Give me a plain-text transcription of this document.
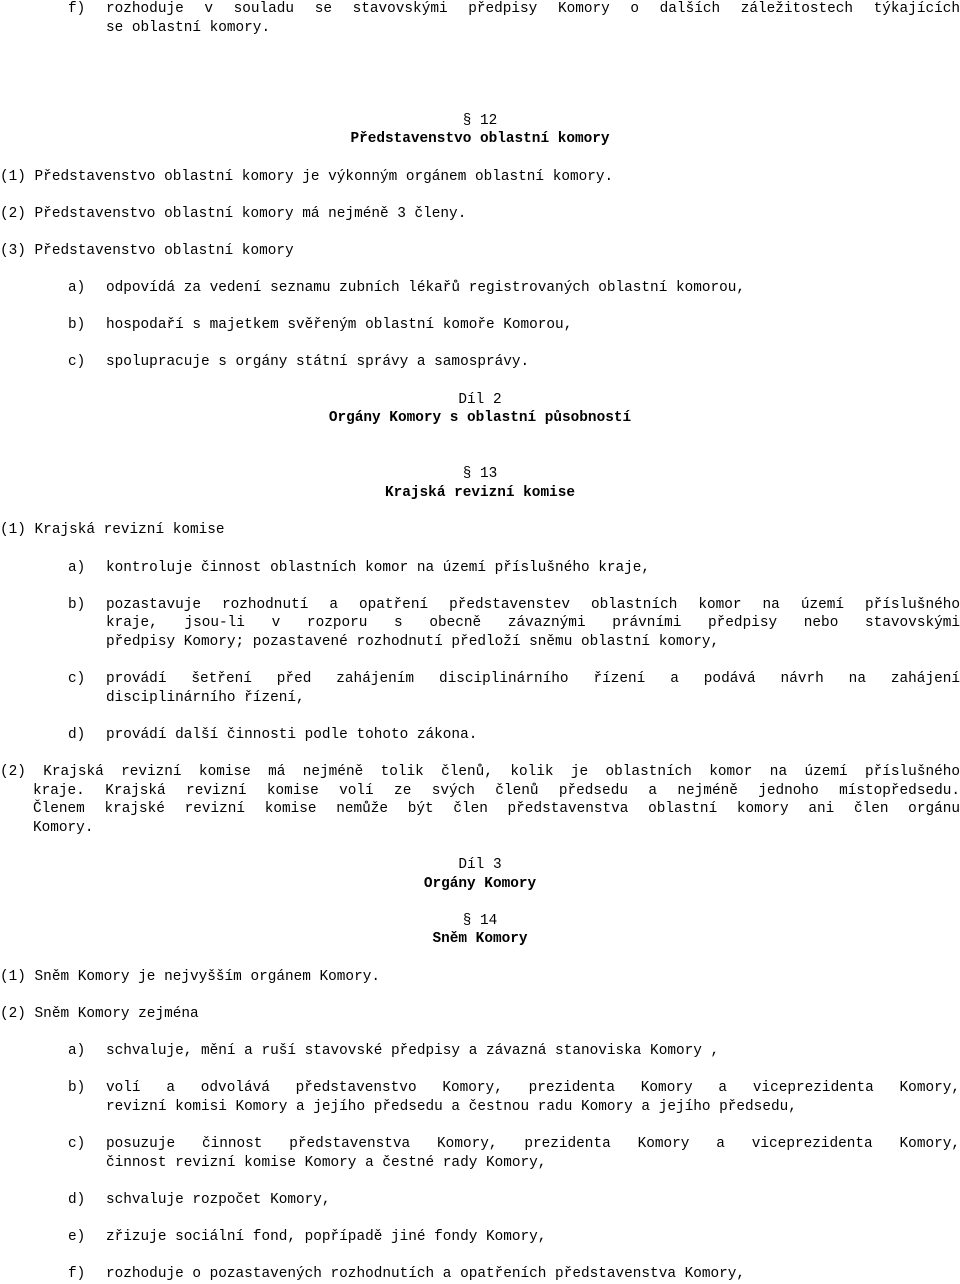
f) rozhoduje v souladu se stavovskými předpisy Komory o dalších záležitostech týkajících
se oblastní komory.
§ 12
Představenstvo oblastní komory
(1) Představenstvo oblastní komory je výkonným orgánem oblastní komory.
(2) Představenstvo oblastní komory má nejméně 3 členy.
(3) Představenstvo oblastní komory
a) odpovídá za vedení seznamu zubních lékařů registrovaných oblastní komorou,
b) hospodaří s majetkem svěřeným oblastní komoře Komorou,
c) spolupracuje s orgány státní správy a samosprávy.
Díl 2
Orgány Komory s oblastní působností
§ 13
Krajská revizní komise
(1) Krajská revizní komise
a) kontroluje činnost oblastních komor na území příslušného kraje,
b) pozastavuje rozhodnutí a opatření představenstev oblastních komor na území příslušného
kraje, jsou-li v rozporu s obecně závaznými právními předpisy nebo stavovskými
předpisy Komory; pozastavené rozhodnutí předloží sněmu oblastní komory,
c) provádí šetření před zahájením disciplinárního řízení a podává návrh na zahájení
disciplinárního řízení,
d) provádí další činnosti podle tohoto zákona.
(2) Krajská revizní komise má nejméně tolik členů, kolik je oblastních komor na území příslušného
kraje. Krajská revizní komise volí ze svých členů předsedu a nejméně jednoho místopředsedu.
Členem krajské revizní komise nemůže být člen představenstva oblastní komory ani člen orgánu
Komory.
Díl 3
Orgány Komory
§ 14
Sněm Komory
(1) Sněm Komory je nejvyšším orgánem Komory.
(2) Sněm Komory zejména
a) schvaluje, mění a ruší stavovské předpisy a závazná stanoviska Komory ,
b) volí a odvolává představenstvo Komory, prezidenta Komory a viceprezidenta Komory,
revizní komisi Komory a jejího předsedu a čestnou radu Komory a jejího předsedu,
c) posuzuje činnost představenstva Komory, prezidenta Komory a viceprezidenta Komory,
činnost revizní komise Komory a čestné rady Komory,
d) schvaluje rozpočet Komory,
e) zřizuje sociální fond, popřípadě jiné fondy Komory,
f) rozhoduje o pozastavených rozhodnutích a opatřeních představenstva Komory,
